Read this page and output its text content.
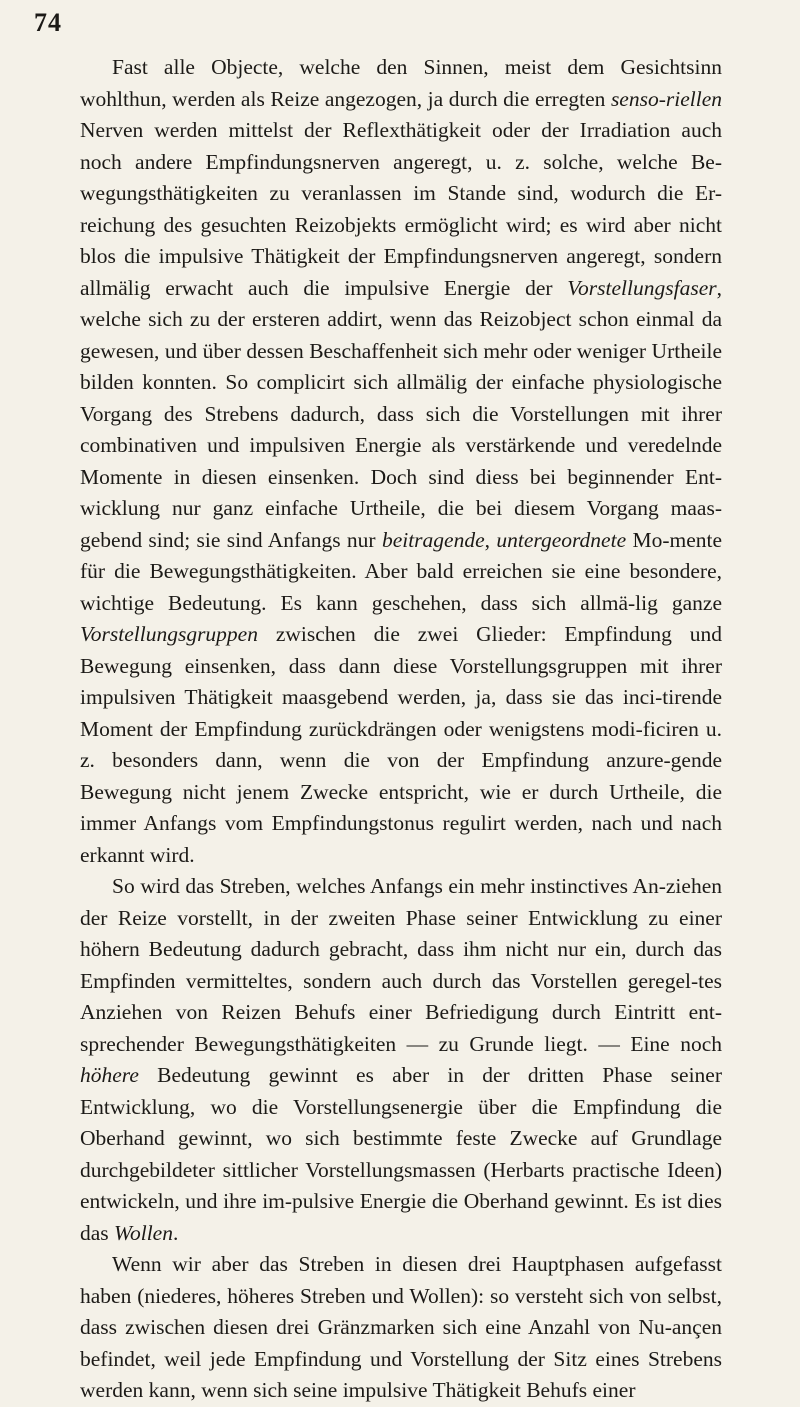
74

Fast alle Objecte, welche den Sinnen, meist dem Gesichtsinn wohlthun, werden als Reize angezogen, ja durch die erregten senso-riellen Nerven werden mittelst der Reflexthätigkeit oder der Irradiation auch noch andere Empfindungsnerven angeregt, u. z. solche, welche Be-wegungsthätigkeiten zu veranlassen im Stande sind, wodurch die Er-reichung des gesuchten Reizobjekts ermöglicht wird; es wird aber nicht blos die impulsive Thätigkeit der Empfindungsnerven angeregt, sondern allmälig erwacht auch die impulsive Energie der Vorstellungsfaser, welche sich zu der ersteren addirt, wenn das Reizobject schon einmal da gewesen, und über dessen Beschaffenheit sich mehr oder weniger Urtheile bilden konnten. So complicirt sich allmälig der einfache physiologische Vorgang des Strebens dadurch, dass sich die Vorstellungen mit ihrer combinativen und impulsiven Energie als verstärkende und veredelnde Momente in diesen einsenken. Doch sind diess bei beginnender Ent-wicklung nur ganz einfache Urtheile, die bei diesem Vorgang maas-gebend sind; sie sind Anfangs nur beitragende, untergeordnete Mo-mente für die Bewegungsthätigkeiten. Aber bald erreichen sie eine besondere, wichtige Bedeutung. Es kann geschehen, dass sich allmä-lig ganze Vorstellungsgruppen zwischen die zwei Glieder: Empfindung und Bewegung einsenken, dass dann diese Vorstellungsgruppen mit ihrer impulsiven Thätigkeit maasgebend werden, ja, dass sie das inci-tirende Moment der Empfindung zurückdrängen oder wenigstens modi-ficiren u. z. besonders dann, wenn die von der Empfindung anzure-gende Bewegung nicht jenem Zwecke entspricht, wie er durch Urtheile, die immer Anfangs vom Empfindungstonus regulirt werden, nach und nach erkannt wird.

So wird das Streben, welches Anfangs ein mehr instinctives An-ziehen der Reize vorstellt, in der zweiten Phase seiner Entwicklung zu einer höhern Bedeutung dadurch gebracht, dass ihm nicht nur ein, durch das Empfinden vermitteltes, sondern auch durch das Vorstellen geregel-tes Anziehen von Reizen Behufs einer Befriedigung durch Eintritt ent-sprechender Bewegungsthätigkeiten — zu Grunde liegt. — Eine noch höhere Bedeutung gewinnt es aber in der dritten Phase seiner Entwicklung, wo die Vorstellungsenergie über die Empfindung die Oberhand gewinnt, wo sich bestimmte feste Zwecke auf Grundlage durchgebildeter sittlicher Vorstellungsmassen (Herbarts practische Ideen) entwickeln, und ihre im-pulsive Energie die Oberhand gewinnt. Es ist dies das Wollen.

Wenn wir aber das Streben in diesen drei Hauptphasen aufgefasst haben (niederes, höheres Streben und Wollen): so versteht sich von selbst, dass zwischen diesen drei Gränzmarken sich eine Anzahl von Nu-ançen befindet, weil jede Empfindung und Vorstellung der Sitz eines Strebens werden kann, wenn sich seine impulsive Thätigkeit Behufs einer
